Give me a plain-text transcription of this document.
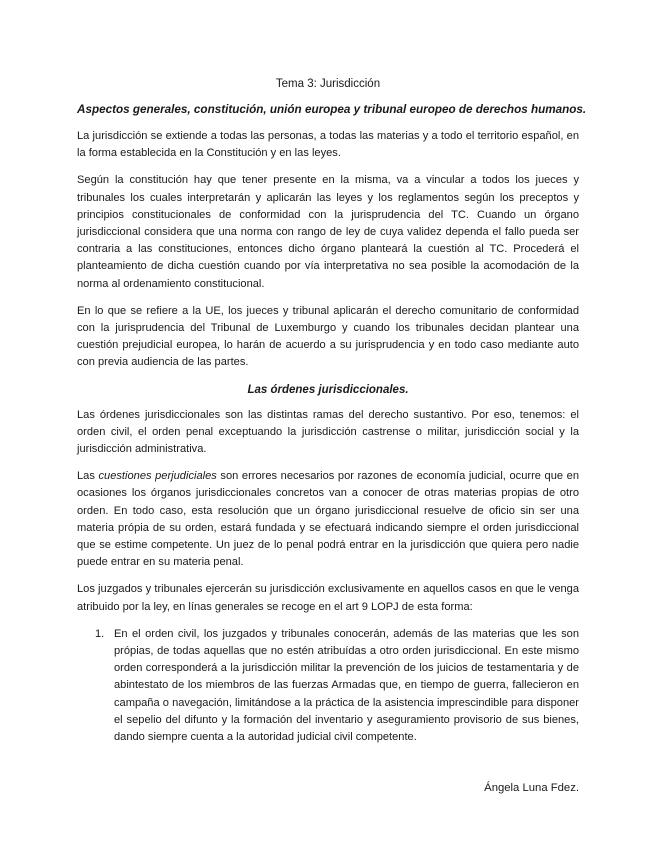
Tema 3: Jurisdicción
Aspectos generales, constitución, unión europea y tribunal europeo de derechos humanos.

La jurisdicción se extiende a todas las personas, a todas las materias y a todo el territorio español, en la forma establecida en la Constitución y en las leyes.

Según la constitución hay que tener presente en la misma, va a vincular a todos los jueces y tribunales los cuales interpretarán y aplicarán las leyes y los reglamentos según los preceptos y principios constitucionales de conformidad con la jurisprudencia del TC. Cuando un órgano jurisdiccional considera que una norma con rango de ley de cuya validez dependa el fallo pueda ser contraria a las constituciones, entonces dicho órgano planteará la cuestión al TC. Procederá el planteamiento de dicha cuestión cuando por vía interpretativa no sea posible la acomodación de la norma al ordenamiento constitucional.

En lo que se refiere a la UE, los jueces y tribunal aplicarán el derecho comunitario de conformidad con la jurisprudencia del Tribunal de Luxemburgo y cuando los tribunales decidan plantear una cuestión prejudicial europea, lo harán de acuerdo a su jurisprudencia y en todo caso mediante auto con previa audiencia de las partes.

Las órdenes jurisdiccionales.

Las órdenes jurisdiccionales son las distintas ramas del derecho sustantivo. Por eso, tenemos: el orden civil, el orden penal exceptuando la jurisdicción castrense o militar, jurisdicción social y la jurisdicción administrativa.

Las cuestiones perjudiciales son errores necesarios por razones de economía judicial, ocurre que en ocasiones los órganos jurisdiccionales concretos van a conocer de otras materias propias de otro orden. En todo caso, esta resolución que un órgano jurisdiccional resuelve de oficio sin ser una materia própia de su orden, estará fundada y se efectuará indicando siempre el orden jurisdiccional que se estime competente. Un juez de lo penal podrá entrar en la jurisdicción que quiera pero nadie puede entrar en su materia penal.

Los juzgados y tribunales ejercerán su jurisdicción exclusivamente en aquellos casos en que le venga atribuido por la ley, en línas generales se recoge en el art 9 LOPJ de esta forma:

1. En el orden civil, los juzgados y tribunales conocerán, además de las materias que les son própias, de todas aquellas que no estén atribuídas a otro orden jurisdiccional. En este mismo orden corresponderá a la jurisdicción militar la prevención de los juicios de testamentaria y de abintestato de los miembros de las fuerzas Armadas que, en tiempo de guerra, fallecieron en campaña o navegación, limitándose a la práctica de la asistencia imprescindible para disponer el sepelio del difunto y la formación del inventario y aseguramiento provisorio de sus bienes, dando siempre cuenta a la autoridad judicial civil competente.
Ángela Luna Fdez.
